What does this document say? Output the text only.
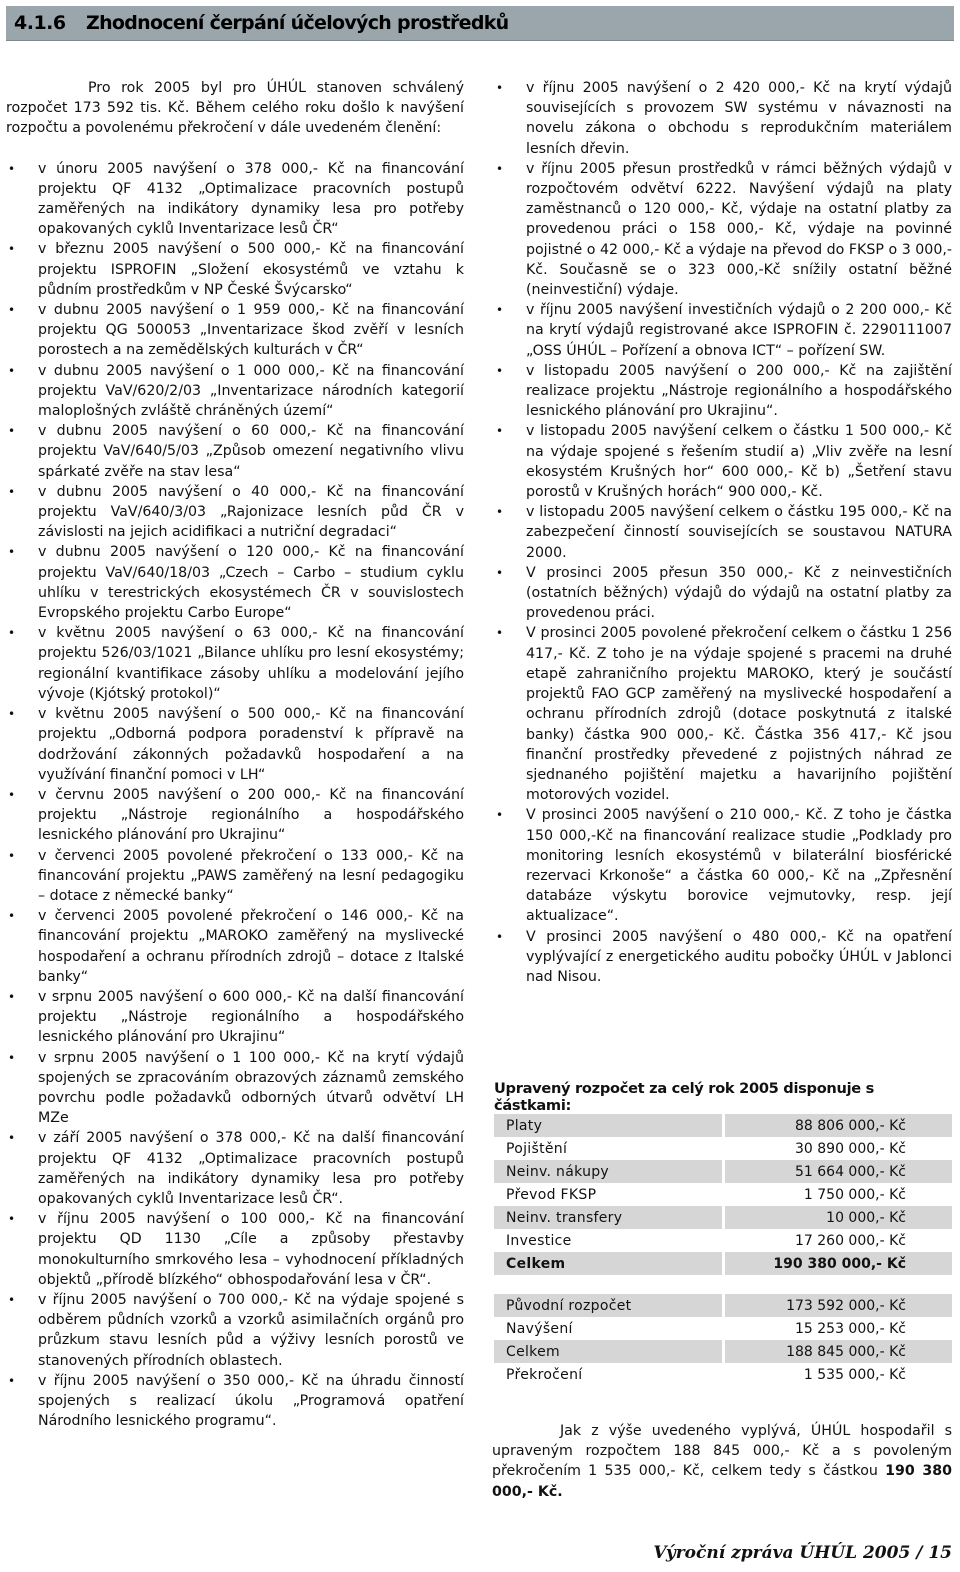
4.1.6 Zhodnocení čerpání účelových prostředků

Pro rok 2005 byl pro ÚHÚL stanoven schválený rozpočet 173 592 tis. Kč. Během celého roku došlo k navýšení rozpočtu a povolenému překročení v dále uvedeném členění:

• v únoru 2005 navýšení o 378 000,- Kč na financování projektu QF 4132 „Optimalizace pracovních postupů zaměřených na indikátory dynamiky lesa pro potřeby opakovaných cyklů Inventarizace lesů ČR“
• v březnu 2005 navýšení o 500 000,- Kč na financování projektu ISPROFIN „Složení ekosystémů ve vztahu k půdním prostředkům v NP České Švýcarsko“
• v dubnu 2005 navýšení o 1 959 000,- Kč na financování projektu QG 500053 „Inventarizace škod zvěří v lesních porostech a na zemědělských kulturách v ČR“
• v dubnu 2005 navýšení o 1 000 000,- Kč na financování projektu VaV/620/2/03 „Inventarizace národních kategorií maloplošných zvláště chráněných území“
• v dubnu 2005 navýšení o 60 000,- Kč na financování projektu VaV/640/5/03 „Způsob omezení negativního vlivu spárkaté zvěře na stav lesa“
• v dubnu 2005 navýšení o 40 000,- Kč na financování projektu VaV/640/3/03 „Rajonizace lesních půd ČR v závislosti na jejich acidifikaci a nutriční degradaci“
• v dubnu 2005 navýšení o 120 000,- Kč na financování projektu VaV/640/18/03 „Czech – Carbo – studium cyklu uhlíku v terestrických ekosystémech ČR v souvislostech Evropského projektu Carbo Europe“
• v květnu 2005 navýšení o 63 000,- Kč na financování projektu 526/03/1021 „Bilance uhlíku pro lesní ekosystémy; regionální kvantifikace zásoby uhlíku a modelování jejího vývoje (Kjótský protokol)“
• v květnu 2005 navýšení o 500 000,- Kč na financování projektu „Odborná podpora poradenství k přípravě na dodržování zákonných požadavků hospodaření a na využívání finanční pomoci v LH“
• v červnu 2005 navýšení o 200 000,- Kč na financování projektu „Nástroje regionálního a hospodářského lesnického plánování pro Ukrajinu“
• v červenci 2005 povolené překročení o 133 000,- Kč na financování projektu „PAWS zaměřený na lesní pedagogiku – dotace z německé banky“
• v červenci 2005 povolené překročení o 146 000,- Kč na financování projektu „MAROKO zaměřený na myslivecké hospodaření a ochranu přírodních zdrojů – dotace z Italské banky“
• v srpnu 2005 navýšení o 600 000,- Kč na další financování projektu „Nástroje regionálního a hospodářského lesnického plánování pro Ukrajinu“
• v srpnu 2005 navýšení o 1 100 000,- Kč na krytí výdajů spojených se zpracováním obrazových záznamů zemského povrchu podle požadavků odborných útvarů odvětví LH MZe
• v září 2005 navýšení o 378 000,- Kč na další financování projektu QF 4132 „Optimalizace pracovních postupů zaměřených na indikátory dynamiky lesa pro potřeby opakovaných cyklů Inventarizace lesů ČR“.
• v říjnu 2005 navýšení o 100 000,- Kč na financování projektu QD 1130 „Cíle a způsoby přestavby monokulturního smrkového lesa – vyhodnocení příkladných objektů „přírodě blízkého“ obhospodařování lesa v ČR“.
• v říjnu 2005 navýšení o 700 000,- Kč na výdaje spojené s odběrem půdních vzorků a vzorků asimilačních orgánů pro průzkum stavu lesních půd a výživy lesních porostů ve stanovených přírodních oblastech.
• v říjnu 2005 navýšení o 350 000,- Kč na úhradu činností spojených s realizací úkolu „Programová opatření Národního lesnického programu“.
• v říjnu 2005 navýšení o 2 420 000,- Kč na krytí výdajů souvisejících s provozem SW systému v návaznosti na novelu zákona o obchodu s reprodukčním materiálem lesních dřevin.
• v říjnu 2005 přesun prostředků v rámci běžných výdajů v rozpočtovém odvětví 6222. Navýšení výdajů na platy zaměstnanců o 120 000,- Kč, výdaje na ostatní platby za provedenou práci o 158 000,- Kč, výdaje na povinné pojistné o 42 000,- Kč a výdaje na převod do FKSP o 3 000,- Kč. Současně se o 323 000,-Kč snížily ostatní běžné (neinvestiční) výdaje.
• v říjnu 2005 navýšení investičních výdajů o 2 200 000,- Kč na krytí výdajů registrované akce ISPROFIN č. 2290111007 „OSS ÚHÚL – Pořízení a obnova ICT“ – pořízení SW.
• v listopadu 2005 navýšení o 200 000,- Kč na zajištění realizace projektu „Nástroje regionálního a hospodářského lesnického plánování pro Ukrajinu“.
• v listopadu 2005 navýšení celkem o částku 1 500 000,- Kč na výdaje spojené s řešením studií a) „Vliv zvěře na lesní ekosystém Krušných hor“ 600 000,- Kč b) „Šetření stavu porostů v Krušných horách“ 900 000,- Kč.
• v listopadu 2005 navýšení celkem o částku 195 000,- Kč na zabezpečení činností souvisejících se soustavou NATURA 2000.
• V prosinci 2005 přesun 350 000,- Kč z neinvestičních (ostatních běžných) výdajů do výdajů na ostatní platby za provedenou práci.
• V prosinci 2005 povolené překročení celkem o částku 1 256 417,- Kč. Z toho je na výdaje spojené s pracemi na druhé etapě zahraničního projektu MAROKO, který je součástí projektů FAO GCP zaměřený na myslivecké hospodaření a ochranu přírodních zdrojů (dotace poskytnutá z italské banky) částka 900 000,- Kč. Částka 356 417,- Kč jsou finanční prostředky převedené z pojistných náhrad ze sjednaného pojištění majetku a havarijního pojištění motorových vozidel.
• V prosinci 2005 navýšení o 210 000,- Kč. Z toho je částka 150 000,-Kč na financování realizace studie „Podklady pro monitoring lesních ekosystémů v bilaterální biosférické rezervaci Krkonoše“ a částka 60 000,- Kč na „Zpřesnění databáze výskytu borovice vejmutovky, resp. její aktualizace“.
• V prosinci 2005 navýšení o 480 000,- Kč na opatření vyplývající z energetického auditu pobočky ÚHÚL v Jablonci nad Nisou.
Upravený rozpočet za celý rok 2005 disponuje s částkami:
Platy	88 806 000,- Kč
Pojištění	30 890 000,- Kč
Neinv. nákupy	51 664 000,- Kč
Převod FKSP	1 750 000,- Kč
Neinv. transfery	10 000,- Kč
Investice	17 260 000,- Kč
Celkem	190 380 000,- Kč
Původní rozpočet	173 592 000,- Kč
Navýšení	15 253 000,- Kč
Celkem	188 845 000,- Kč
Překročení	1 535 000,- Kč

Jak z výše uvedeného vyplývá, ÚHÚL hospodařil s upraveným rozpočtem 188 845 000,- Kč a s povoleným překročením 1 535 000,- Kč, celkem tedy s částkou 190 380 000,- Kč.

Výroční zpráva ÚHÚL 2005 / 15
